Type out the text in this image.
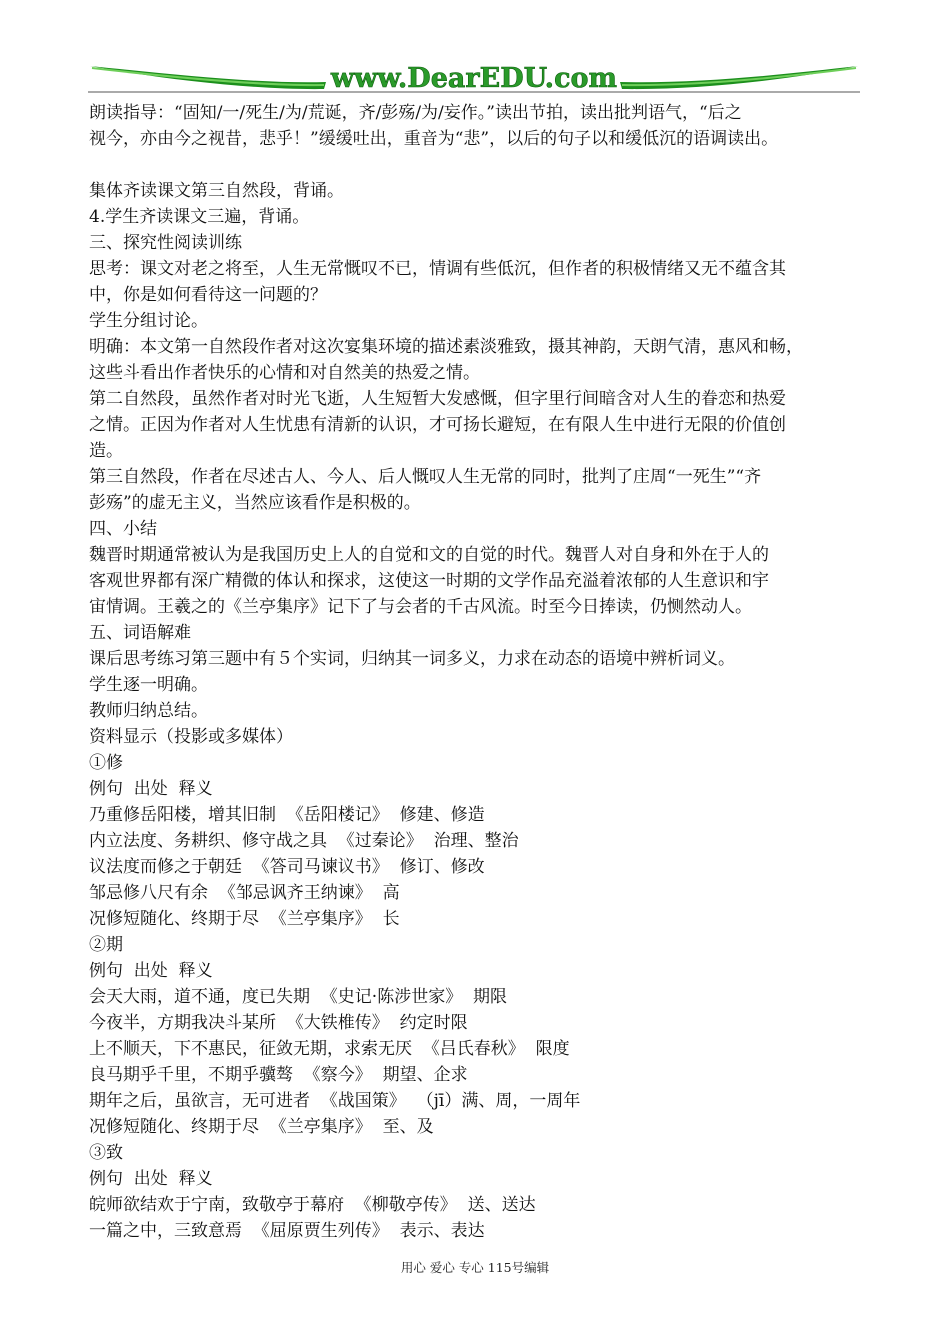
www.DearEDU.com
朗读指导：“固知/一/死生/为/荒诞，齐/彭殇/为/妄作。”读出节拍，读出批判语气，“后之
视今，亦由今之视昔，悲乎！”缓缓吐出，重音为“悲”，以后的句子以和缓低沉的语调读出。
集体齐读课文第三自然段，背诵。
4.学生齐读课文三遍，背诵。
三、探究性阅读训练
思考：课文对老之将至，人生无常慨叹不已，情调有些低沉，但作者的积极情绪又无不蕴含其
中，你是如何看待这一问题的？
学生分组讨论。
明确：本文第一自然段作者对这次宴集环境的描述素淡雅致，摄其神韵，天朗气清，惠风和畅，
这些斗看出作者快乐的心情和对自然美的热爱之情。
第二自然段，虽然作者对时光飞逝，人生短暂大发感慨，但字里行间暗含对人生的眷恋和热爱
之情。正因为作者对人生忧患有清新的认识，才可扬长避短，在有限人生中进行无限的价值创
造。
第三自然段，作者在尽述古人、今人、后人慨叹人生无常的同时，批判了庄周“一死生”“齐
彭殇”的虚无主义，当然应该看作是积极的。
四、小结
魏晋时期通常被认为是我国历史上人的自觉和文的自觉的时代。魏晋人对自身和外在于人的
客观世界都有深广精微的体认和探求，这使这一时期的文学作品充溢着浓郁的人生意识和宇
宙情调。王羲之的《兰亭集序》记下了与会者的千古风流。时至今日捧读，仍恻然动人。
五、词语解难
课后思考练习第三题中有５个实词，归纳其一词多义，力求在动态的语境中辨析词义。
学生逐一明确。
教师归纳总结。
资料显示（投影或多媒体）
①修
例句  出处  释义
乃重修岳阳楼，增其旧制  《岳阳楼记》  修建、修造
内立法度、务耕织、修守战之具  《过秦论》  治理、整治
议法度而修之于朝廷  《答司马谏议书》  修订、修改
邹忌修八尺有余  《邹忌讽齐王纳谏》  高
况修短随化、终期于尽  《兰亭集序》  长
②期
例句  出处  释义
会天大雨，道不通，度已失期  《史记·陈涉世家》  期限
今夜半，方期我决斗某所  《大铁椎传》  约定时限
上不顺天，下不惠民，征敛无期，求索无厌  《吕氏春秋》  限度
良马期乎千里，不期乎骥骜  《察今》  期望、企求
期年之后，虽欲言，无可进者  《战国策》  （jī）满、周，一周年
况修短随化、终期于尽  《兰亭集序》  至、及
③致
例句  出处  释义
皖师欲结欢于宁南，致敬亭于幕府  《柳敬亭传》  送、送达
一篇之中，三致意焉  《屈原贾生列传》  表示、表达
用心 爱心 专心 115号编辑
